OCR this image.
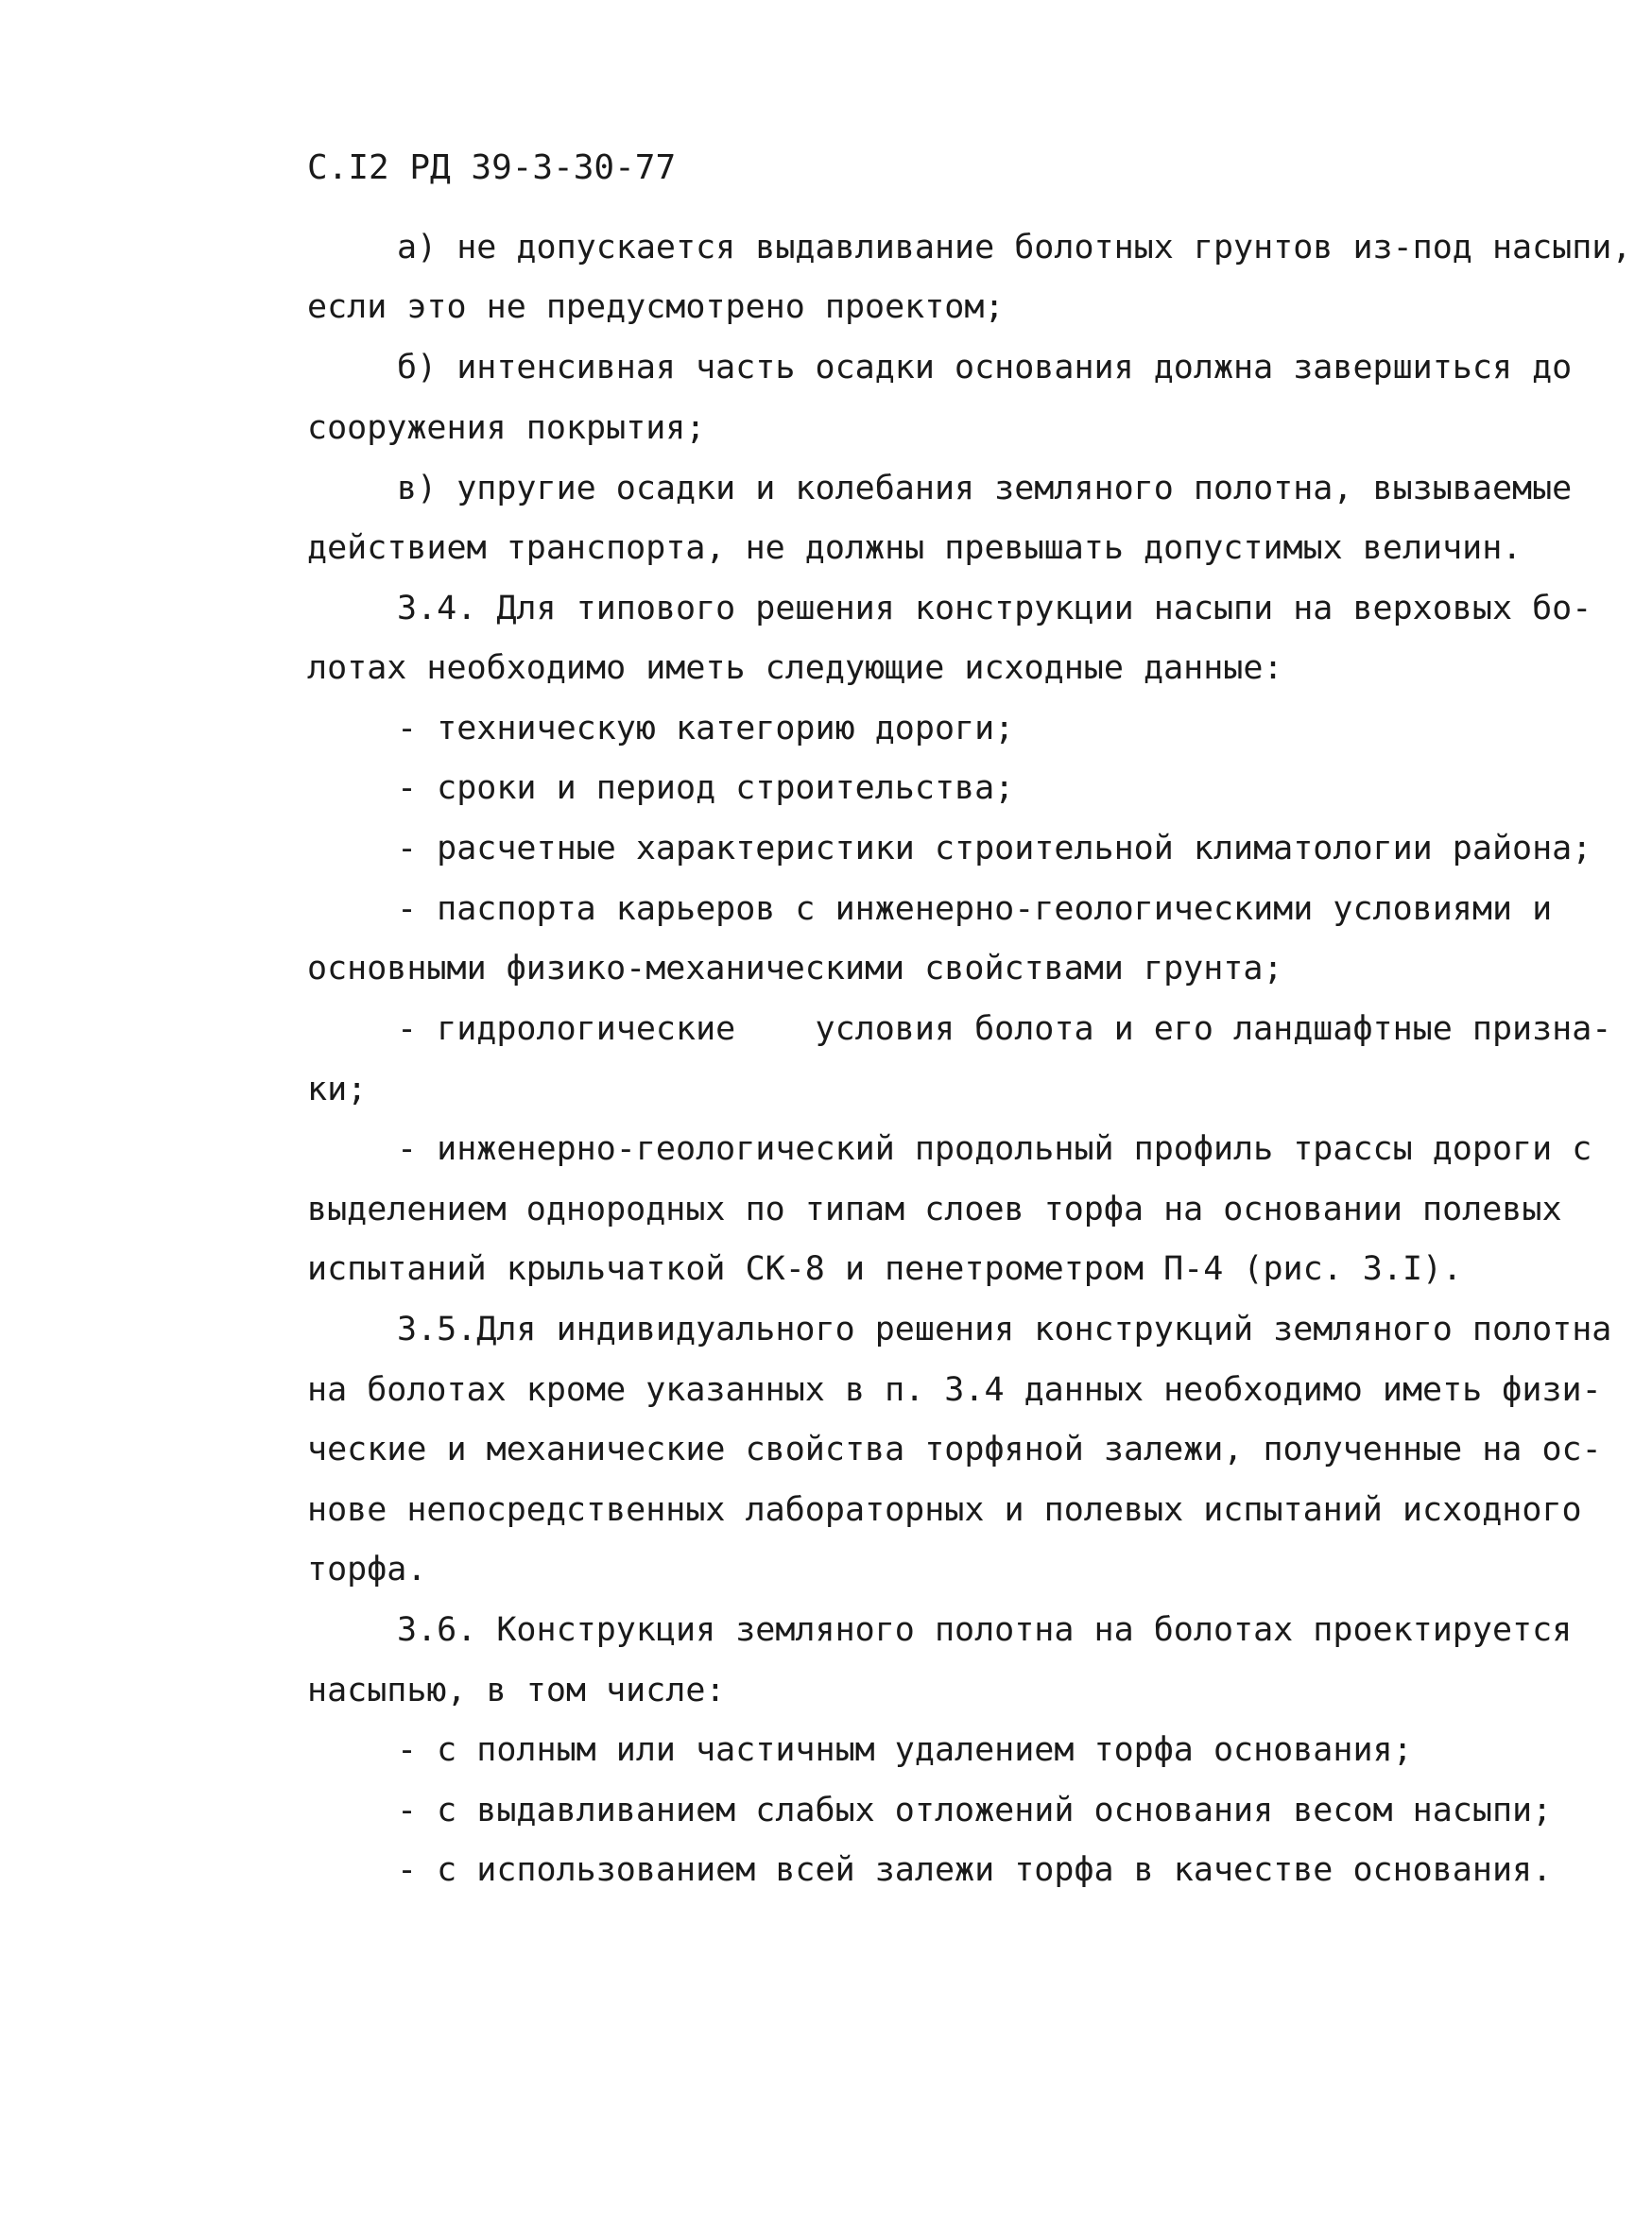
С.I2 РД 39-3-30-77
а) не допускается выдавливание болотных грунтов из-под насыпи,
если это не предусмотрено проектом;
б) интенсивная часть осадки основания должна завершиться до
сооружения покрытия;
в) упругие осадки и колебания земляного полотна, вызываемые
действием транспорта, не должны превышать допустимых величин.
3.4. Для типового решения конструкции насыпи на верховых бо-
лотах необходимо иметь следующие исходные данные:
- техническую категорию дороги;
- сроки и период строительства;
- расчетные характеристики строительной климатологии района;
- паспорта карьеров с инженерно-геологическими условиями и
основными физико-механическими свойствами грунта;
- гидрологические    условия болота и его ландшафтные призна-
ки;
- инженерно-геологический продольный профиль трассы дороги с
выделением однородных по типам слоев торфа на основании полевых
испытаний крыльчаткой СК-8 и пенетрометром П-4 (рис. 3.I).
3.5.Для индивидуального решения конструкций земляного полотна
на болотах кроме указанных в п. 3.4 данных необходимо иметь физи-
ческие и механические свойства торфяной залежи, полученные на ос-
нове непосредственных лабораторных и полевых испытаний исходного
торфа.
3.6. Конструкция земляного полотна на болотах проектируется
насыпью, в том числе:
- с полным или частичным удалением торфа основания;
- с выдавливанием слабых отложений основания весом насыпи;
- с использованием всей залежи торфа в качестве основания.
